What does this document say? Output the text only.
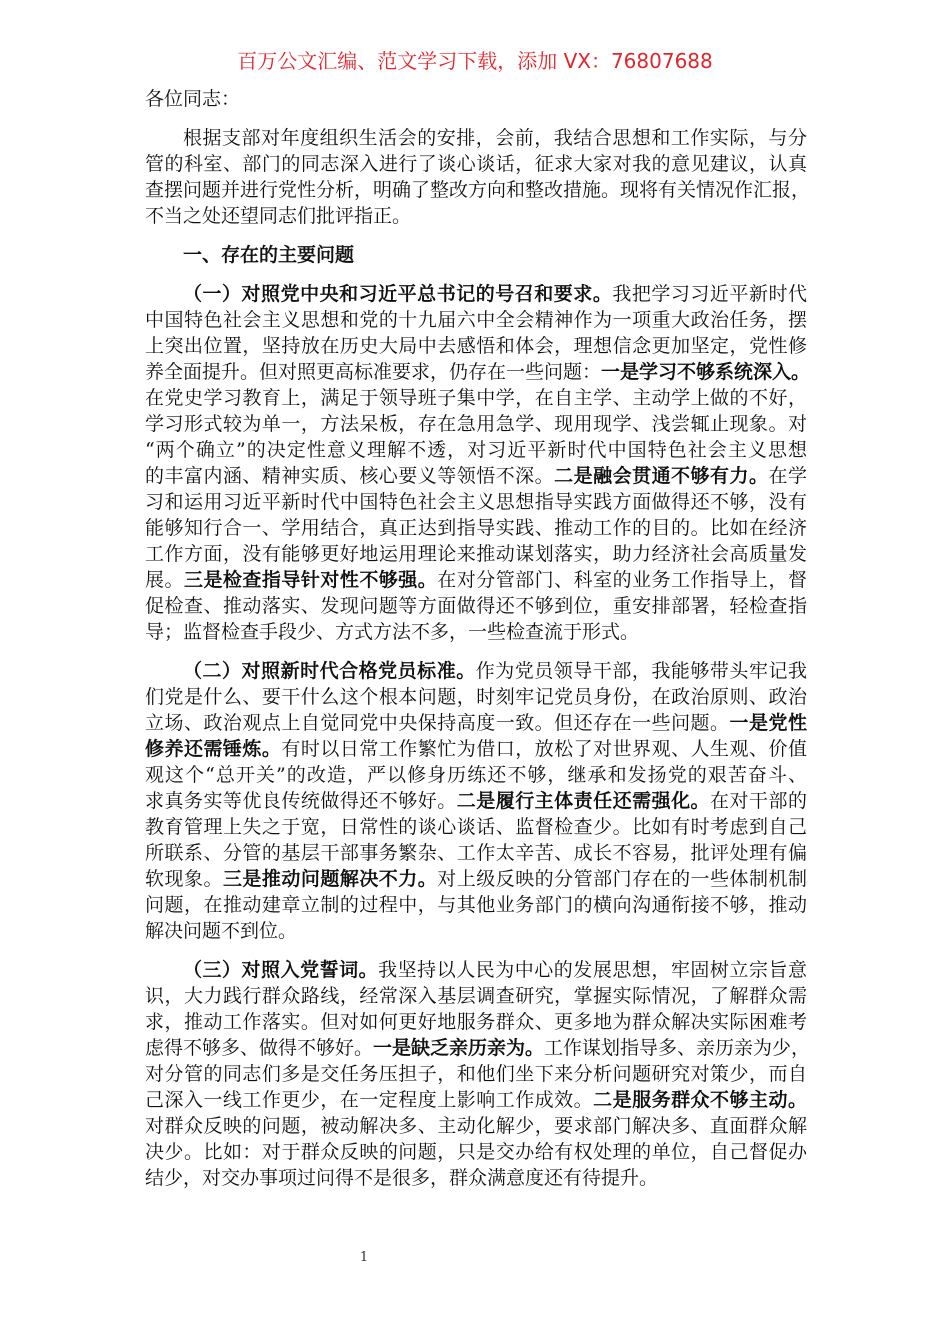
百万公文汇编、范文学习下载，添加 VX：76807688
各位同志：
根据支部对年度组织生活会的安排，会前，我结合思想和工作实际，与分
管的科室、部门的同志深入进行了谈心谈话，征求大家对我的意见建议，认真
查摆问题并进行党性分析，明确了整改方向和整改措施。现将有关情况作汇报，
不当之处还望同志们批评指正。
一、存在的主要问题
（一）对照党中央和习近平总书记的号召和要求。我把学习习近平新时代
中国特色社会主义思想和党的十九届六中全会精神作为一项重大政治任务，摆
上突出位置，坚持放在历史大局中去感悟和体会，理想信念更加坚定，党性修
养全面提升。但对照更高标准要求，仍存在一些问题：一是学习不够系统深入。
在党史学习教育上，满足于领导班子集中学，在自主学、主动学上做的不好，
学习形式较为单一，方法呆板，存在急用急学、现用现学、浅尝辄止现象。对
“两个确立”的决定性意义理解不透，对习近平新时代中国特色社会主义思想
的丰富内涵、精神实质、核心要义等领悟不深。二是融会贯通不够有力。在学
习和运用习近平新时代中国特色社会主义思想指导实践方面做得还不够，没有
能够知行合一、学用结合，真正达到指导实践、推动工作的目的。比如在经济
工作方面，没有能够更好地运用理论来推动谋划落实，助力经济社会高质量发
展。三是检查指导针对性不够强。在对分管部门、科室的业务工作指导上，督
促检查、推动落实、发现问题等方面做得还不够到位，重安排部署，轻检查指
导；监督检查手段少、方式方法不多，一些检查流于形式。
（二）对照新时代合格党员标准。作为党员领导干部，我能够带头牢记我
们党是什么、要干什么这个根本问题，时刻牢记党员身份，在政治原则、政治
立场、政治观点上自觉同党中央保持高度一致。但还存在一些问题。一是党性
修养还需锤炼。有时以日常工作繁忙为借口，放松了对世界观、人生观、价值
观这个“总开关”的改造，严以修身历练还不够，继承和发扬党的艰苦奋斗、
求真务实等优良传统做得还不够好。二是履行主体责任还需强化。在对干部的
教育管理上失之于宽，日常性的谈心谈话、监督检查少。比如有时考虑到自己
所联系、分管的基层干部事务繁杂、工作太辛苦、成长不容易，批评处理有偏
软现象。三是推动问题解决不力。对上级反映的分管部门存在的一些体制机制
问题，在推动建章立制的过程中，与其他业务部门的横向沟通衔接不够，推动
解决问题不到位。
（三）对照入党誓词。我坚持以人民为中心的发展思想，牢固树立宗旨意
识，大力践行群众路线，经常深入基层调查研究，掌握实际情况，了解群众需
求，推动工作落实。但对如何更好地服务群众、更多地为群众解决实际困难考
虑得不够多、做得不够好。一是缺乏亲历亲为。工作谋划指导多、亲历亲为少，
对分管的同志们多是交任务压担子，和他们坐下来分析问题研究对策少，而自
己深入一线工作更少，在一定程度上影响工作成效。二是服务群众不够主动。
对群众反映的问题，被动解决多、主动化解少，要求部门解决多、直面群众解
决少。比如：对于群众反映的问题，只是交办给有权处理的单位，自己督促办
结少，对交办事项过问得不是很多，群众满意度还有待提升。
1
